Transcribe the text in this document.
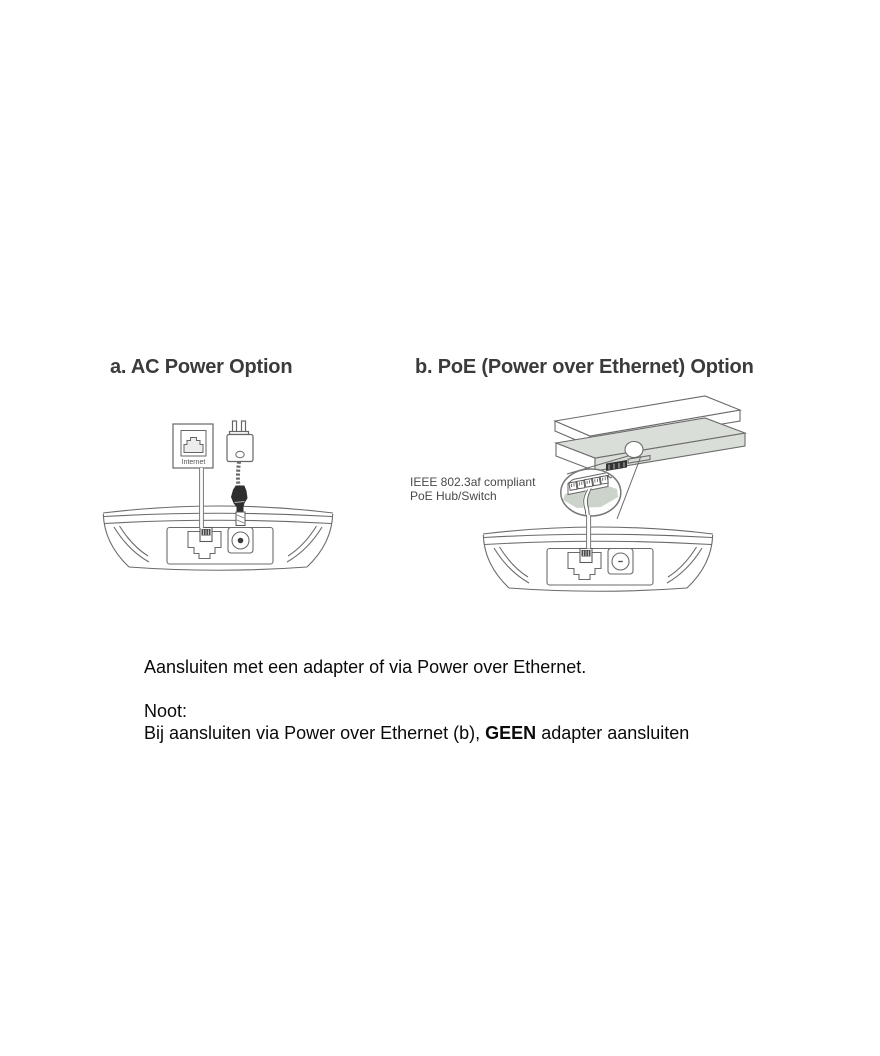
a. AC Power Option	b. PoE (Power over Ethernet) Option
Internet
IEEE 802.3af compliant
PoE Hub/Switch
Aansluiten met een adapter of via Power over Ethernet.
Noot:
Bij aansluiten via Power over Ethernet (b), GEEN adapter aansluiten
